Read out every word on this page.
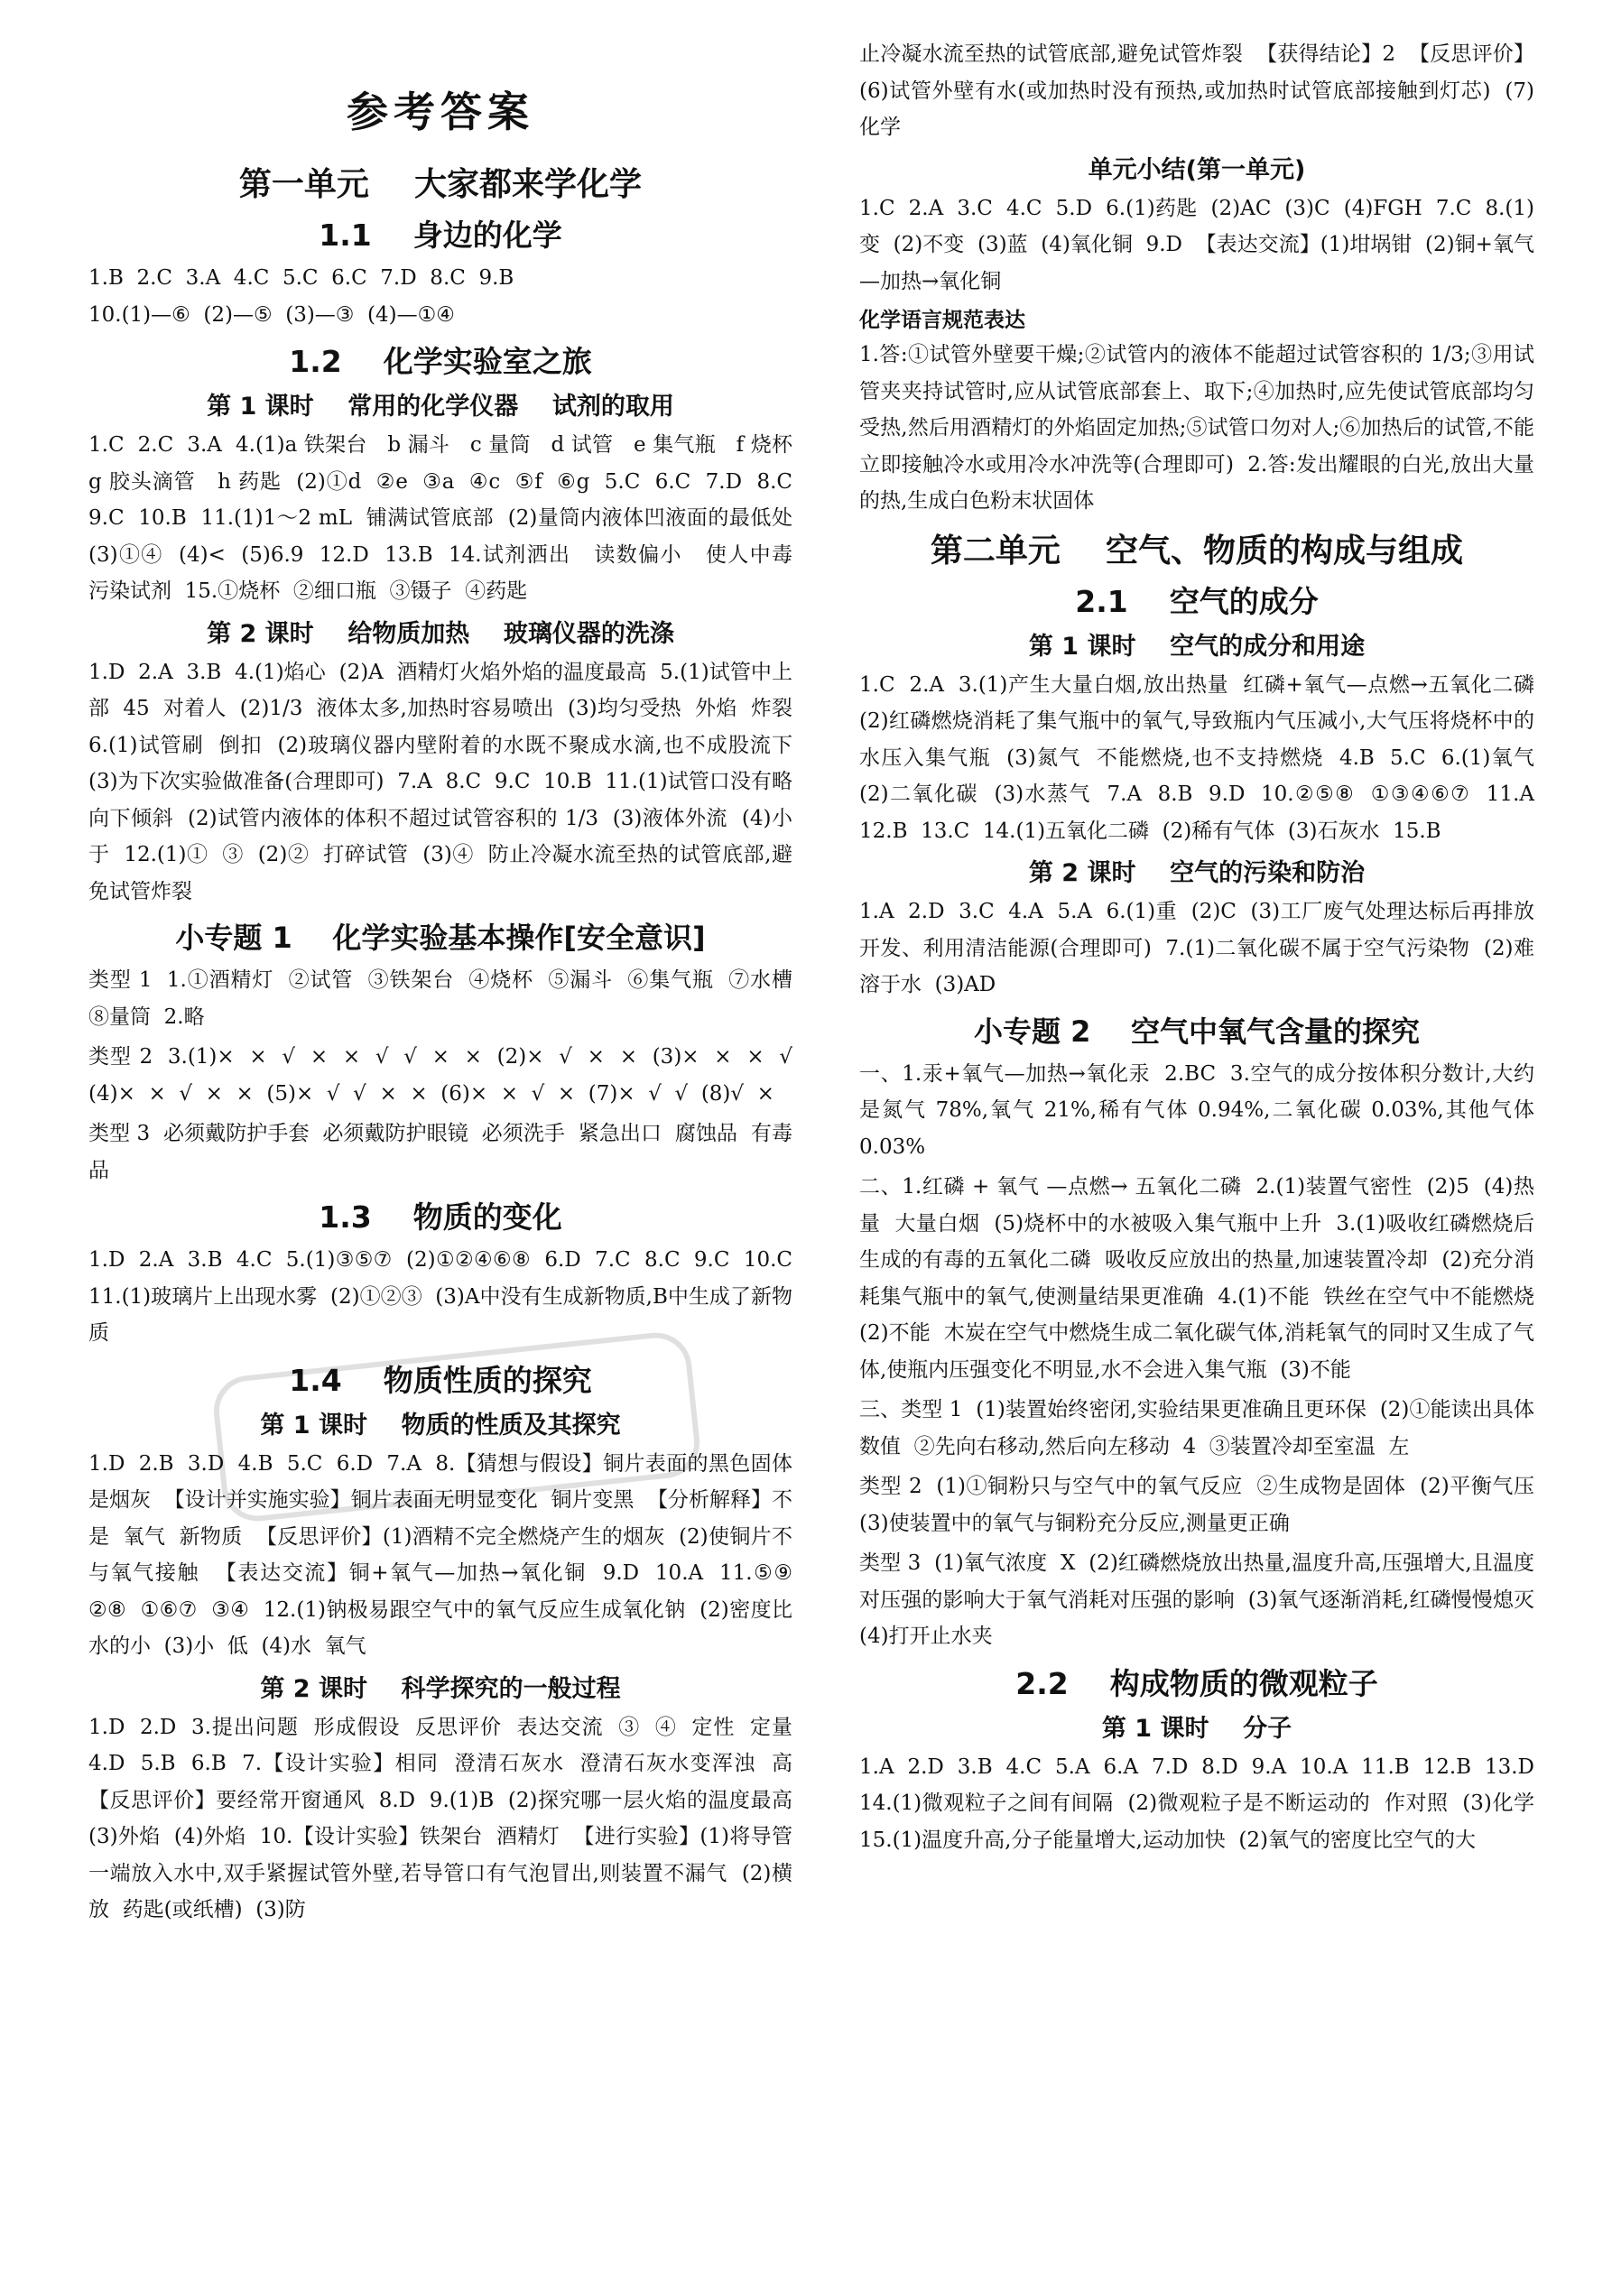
参考答案
第一单元    大家都来学化学
1.1    身边的化学
1.B  2.C  3.A  4.C  5.C  6.C  7.D  8.C  9.B
10.(1)—⑥  (2)—⑤  (3)—③  (4)—①④
1.2    化学实验室之旅
第 1 课时    常用的化学仪器    试剂的取用
1.C  2.C  3.A  4.(1)a 铁架台   b 漏斗   c 量筒   d 试管   e 集气瓶   f 烧杯   g 胶头滴管   h 药匙  (2)①d  ②e  ③a  ④c  ⑤f  ⑥g  5.C  6.C  7.D  8.C  9.C  10.B  11.(1)1～2 mL  铺满试管底部  (2)量筒内液体凹液面的最低处  (3)①④  (4)<  (5)6.9  12.D  13.B  14.试剂洒出   读数偏小   使人中毒   污染试剂  15.①烧杯  ②细口瓶  ③镊子  ④药匙
第 2 课时    给物质加热    玻璃仪器的洗涤
1.D  2.A  3.B  4.(1)焰心  (2)A  酒精灯火焰外焰的温度最高  5.(1)试管中上部  45  对着人  (2)1/3  液体太多,加热时容易喷出  (3)均匀受热  外焰  炸裂  6.(1)试管刷  倒扣  (2)玻璃仪器内壁附着的水既不聚成水滴,也不成股流下  (3)为下次实验做准备(合理即可)  7.A  8.C  9.C  10.B  11.(1)试管口没有略向下倾斜  (2)试管内液体的体积不超过试管容积的 1/3  (3)液体外流  (4)小于  12.(1)①  ③  (2)②  打碎试管  (3)④  防止冷凝水流至热的试管底部,避免试管炸裂
小专题 1    化学实验基本操作[安全意识]
类型 1  1.①酒精灯  ②试管  ③铁架台  ④烧杯  ⑤漏斗  ⑥集气瓶  ⑦水槽  ⑧量筒  2.略
类型 2  3.(1)×  ×  √  ×  ×  √  √  ×  ×  (2)×  √  ×  ×  (3)×  ×  ×  √  (4)×  ×  √  ×  ×  (5)×  √  √  ×  ×  (6)×  ×  √  ×  (7)×  √  √  (8)√  ×
类型 3  必须戴防护手套  必须戴防护眼镜  必须洗手  紧急出口  腐蚀品  有毒品
1.3    物质的变化
1.D  2.A  3.B  4.C  5.(1)③⑤⑦  (2)①②④⑥⑧  6.D  7.C  8.C  9.C  10.C  11.(1)玻璃片上出现水雾  (2)①②③  (3)A中没有生成新物质,B中生成了新物质
1.4    物质性质的探究
第 1 课时    物质的性质及其探究
1.D  2.B  3.D  4.B  5.C  6.D  7.A  8.【猜想与假设】铜片表面的黑色固体是烟灰  【设计并实施实验】铜片表面无明显变化  铜片变黑  【分析解释】不是  氧气  新物质  【反思评价】(1)酒精不完全燃烧产生的烟灰  (2)使铜片不与氧气接触  【表达交流】铜+氧气—加热→氧化铜  9.D  10.A  11.⑤⑨  ②⑧  ①⑥⑦  ③④  12.(1)钠极易跟空气中的氧气反应生成氧化钠  (2)密度比水的小  (3)小  低  (4)水  氧气
第 2 课时    科学探究的一般过程
1.D  2.D  3.提出问题  形成假设  反思评价  表达交流  ③  ④  定性  定量  4.D  5.B  6.B  7.【设计实验】相同  澄清石灰水  澄清石灰水变浑浊  高  【反思评价】要经常开窗通风  8.D  9.(1)B  (2)探究哪一层火焰的温度最高  (3)外焰  (4)外焰  10.【设计实验】铁架台  酒精灯  【进行实验】(1)将导管一端放入水中,双手紧握试管外壁,若导管口有气泡冒出,则装置不漏气  (2)横放  药匙(或纸槽)  (3)防
止冷凝水流至热的试管底部,避免试管炸裂  【获得结论】2  【反思评价】(6)试管外壁有水(或加热时没有预热,或加热时试管底部接触到灯芯)  (7)化学
单元小结(第一单元)
1.C  2.A  3.C  4.C  5.D  6.(1)药匙  (2)AC  (3)C  (4)FGH  7.C  8.(1)变  (2)不变  (3)蓝  (4)氧化铜  9.D  【表达交流】(1)坩埚钳  (2)铜+氧气—加热→氧化铜
化学语言规范表达
1.答:①试管外壁要干燥;②试管内的液体不能超过试管容积的 1/3;③用试管夹夹持试管时,应从试管底部套上、取下;④加热时,应先使试管底部均匀受热,然后用酒精灯的外焰固定加热;⑤试管口勿对人;⑥加热后的试管,不能立即接触冷水或用冷水冲洗等(合理即可)  2.答:发出耀眼的白光,放出大量的热,生成白色粉末状固体
第二单元    空气、物质的构成与组成
2.1    空气的成分
第 1 课时    空气的成分和用途
1.C  2.A  3.(1)产生大量白烟,放出热量  红磷+氧气—点燃→五氧化二磷  (2)红磷燃烧消耗了集气瓶中的氧气,导致瓶内气压减小,大气压将烧杯中的水压入集气瓶  (3)氮气  不能燃烧,也不支持燃烧  4.B  5.C  6.(1)氧气  (2)二氧化碳  (3)水蒸气  7.A  8.B  9.D  10.②⑤⑧  ①③④⑥⑦  11.A  12.B  13.C  14.(1)五氧化二磷  (2)稀有气体  (3)石灰水  15.B
第 2 课时    空气的污染和防治
1.A  2.D  3.C  4.A  5.A  6.(1)重  (2)C  (3)工厂废气处理达标后再排放  开发、利用清洁能源(合理即可)  7.(1)二氧化碳不属于空气污染物  (2)难溶于水  (3)AD
小专题 2    空气中氧气含量的探究
一、1.汞+氧气—加热→氧化汞  2.BC  3.空气的成分按体积分数计,大约是氮气 78%,氧气 21%,稀有气体 0.94%,二氧化碳 0.03%,其他气体 0.03%
二、1.红磷 + 氧气 —点燃→ 五氧化二磷  2.(1)装置气密性  (2)5  (4)热量  大量白烟  (5)烧杯中的水被吸入集气瓶中上升  3.(1)吸收红磷燃烧后生成的有毒的五氧化二磷  吸收反应放出的热量,加速装置冷却  (2)充分消耗集气瓶中的氧气,使测量结果更准确  4.(1)不能  铁丝在空气中不能燃烧  (2)不能  木炭在空气中燃烧生成二氧化碳气体,消耗氧气的同时又生成了气体,使瓶内压强变化不明显,水不会进入集气瓶  (3)不能
三、类型 1  (1)装置始终密闭,实验结果更准确且更环保  (2)①能读出具体数值  ②先向右移动,然后向左移动  4  ③装置冷却至室温  左
类型 2  (1)①铜粉只与空气中的氧气反应  ②生成物是固体  (2)平衡气压  (3)使装置中的氧气与铜粉充分反应,测量更正确
类型 3  (1)氧气浓度  X  (2)红磷燃烧放出热量,温度升高,压强增大,且温度对压强的影响大于氧气消耗对压强的影响  (3)氧气逐渐消耗,红磷慢慢熄灭  (4)打开止水夹
2.2    构成物质的微观粒子
第 1 课时    分子
1.A  2.D  3.B  4.C  5.A  6.A  7.D  8.D  9.A  10.A  11.B  12.B  13.D  14.(1)微观粒子之间有间隔  (2)微观粒子是不断运动的  作对照  (3)化学  15.(1)温度升高,分子能量增大,运动加快  (2)氧气的密度比空气的大
